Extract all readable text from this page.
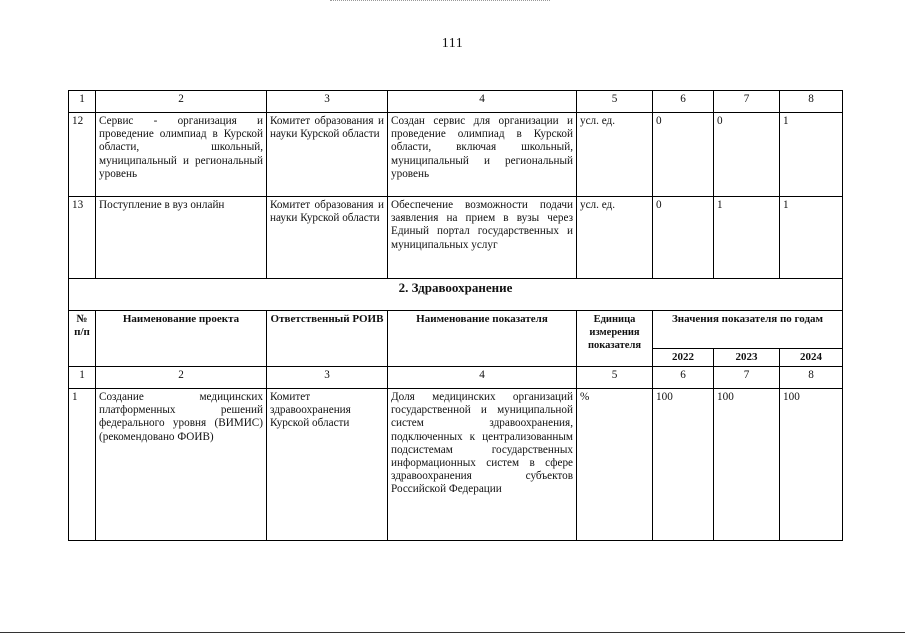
111
1	2	3	4	5	6	7	8
12	Сервис - организация и проведение олимпиад в Курской области, школьный, муниципальный и региональный уровень	Комитет образования и науки Курской области	Создан сервис для организации и проведение олимпиад в Курской области, включая школьный, муниципальный и региональный уровень	усл. ед.	0	0	1
13	Поступление в вуз онлайн	Комитет образования и науки Курской области	Обеспечение возможности подачи заявления на прием в вузы через Единый портал государственных и муниципальных услуг	усл. ед.	0	1	1
2. Здравоохранение							
№ п/п	Наименование проекта	Ответственный РОИВ	Наименование показателя	Единица измерения показателя	Значения показателя по годам		
					2022	2023	2024
1	2	3	4	5	6	7	8
1	Создание медицинских платформенных решений федерального уровня (ВИМИС) (рекомендовано ФОИВ)	Комитет здравоохранения Курской области	Доля медицинских организаций государственной и муниципальной систем здравоохранения, подключенных к централизованным подсистемам государственных информационных систем в сфере здравоохранения субъектов Российской Федерации	%	100	100	100
